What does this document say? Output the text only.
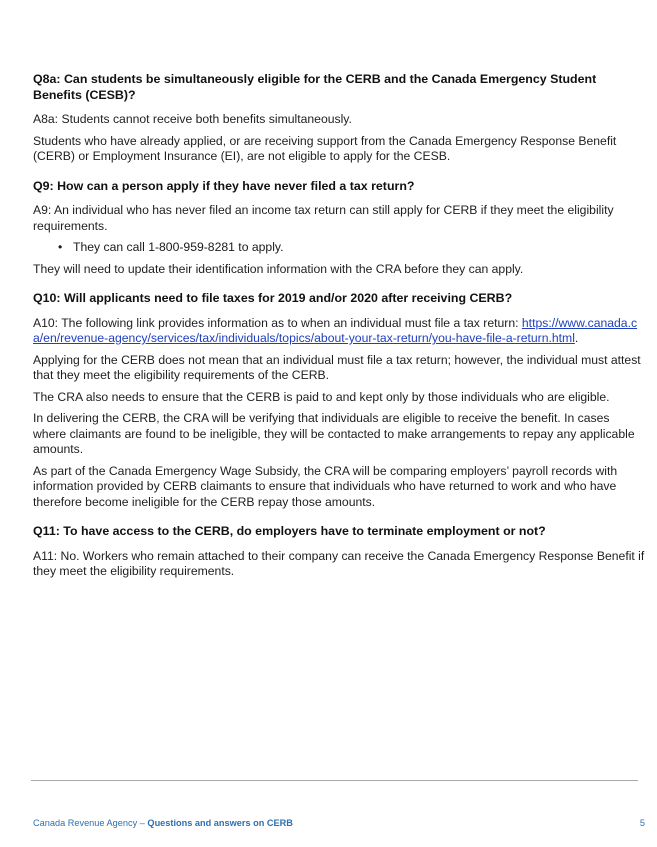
Q8a: Can students be simultaneously eligible for the CERB and the Canada Emergency Student Benefits (CESB)?
A8a: Students cannot receive both benefits simultaneously.
Students who have already applied, or are receiving support from the Canada Emergency Response Benefit (CERB) or Employment Insurance (EI), are not eligible to apply for the CESB.
Q9: How can a person apply if they have never filed a tax return?
A9: An individual who has never filed an income tax return can still apply for CERB if they meet the eligibility requirements.
• They can call 1-800-959-8281 to apply.
They will need to update their identification information with the CRA before they can apply.
Q10: Will applicants need to file taxes for 2019 and/or 2020 after receiving CERB?
A10: The following link provides information as to when an individual must file a tax return: https://www.canada.ca/en/revenue-agency/services/tax/individuals/topics/about-your-tax-return/you-have-file-a-return.html.
Applying for the CERB does not mean that an individual must file a tax return; however, the individual must attest that they meet the eligibility requirements of the CERB.
The CRA also needs to ensure that the CERB is paid to and kept only by those individuals who are eligible.
In delivering the CERB, the CRA will be verifying that individuals are eligible to receive the benefit. In cases where claimants are found to be ineligible, they will be contacted to make arrangements to repay any applicable amounts.
As part of the Canada Emergency Wage Subsidy, the CRA will be comparing employers’ payroll records with information provided by CERB claimants to ensure that individuals who have returned to work and who have therefore become ineligible for the CERB repay those amounts.
Q11: To have access to the CERB, do employers have to terminate employment or not?
A11: No. Workers who remain attached to their company can receive the Canada Emergency Response Benefit if they meet the eligibility requirements.
Canada Revenue Agency – Questions and answers on CERB	5
